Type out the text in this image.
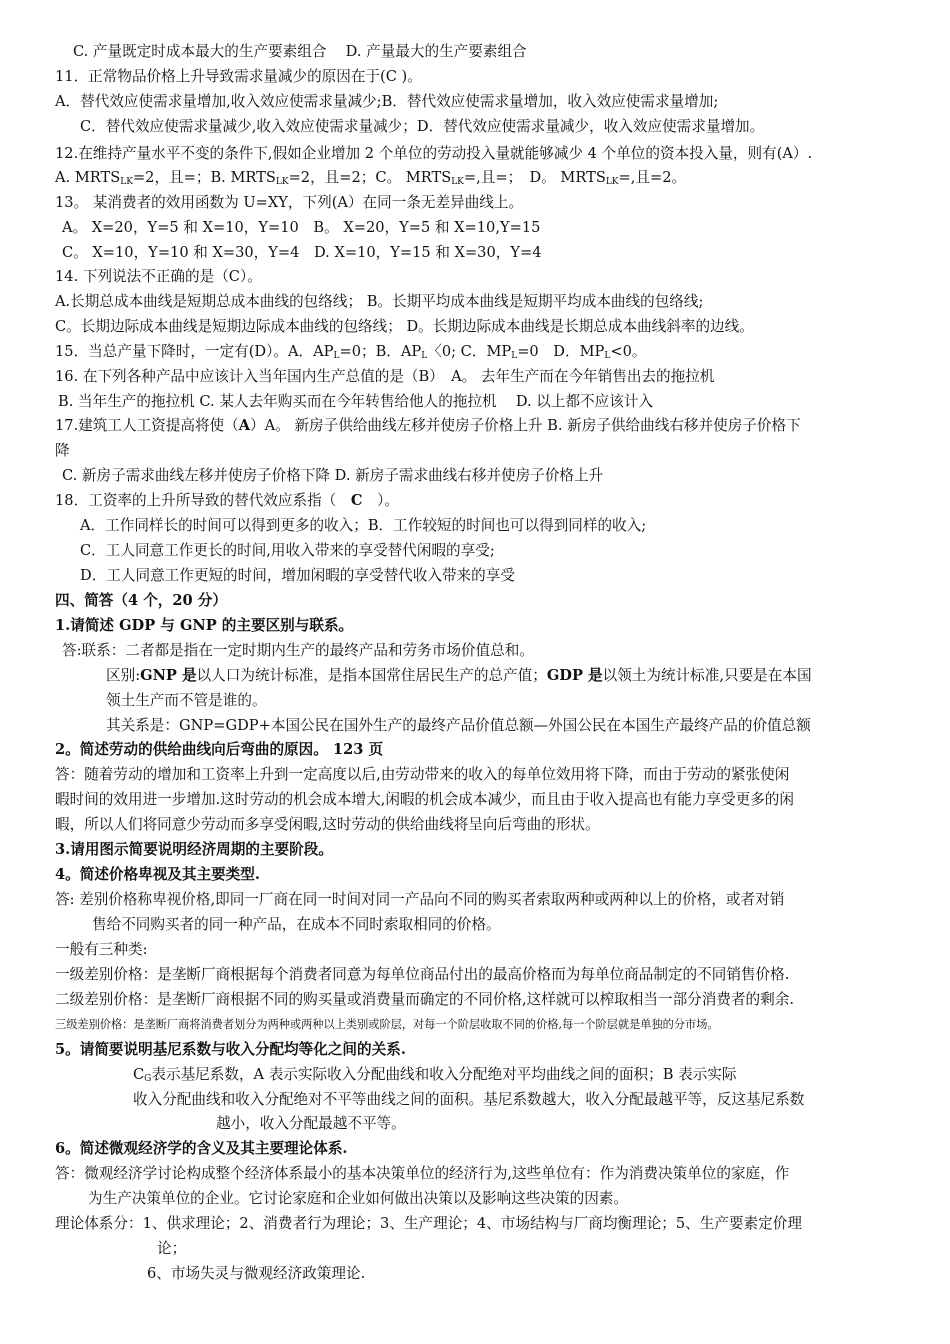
C. 产量既定时成本最大的生产要素组合　 D. 产量最大的生产要素组合
11．正常物品价格上升导致需求量减少的原因在于(C )。
A．替代效应使需求量增加,收入效应使需求量减少;B．替代效应使需求量增加，收入效应使需求量增加;
C．替代效应使需求量减少,收入效应使需求量减少；D．替代效应使需求量减少，收入效应使需求量增加。
12.在维持产量水平不变的条件下,假如企业增加 2 个单位的劳动投入量就能够减少 4 个单位的资本投入量，则有(A）.
A. $MRTS_{LK}=2$，且=；B. $MRTS_{LK}=2$，且=2；C。 $MRTS_{LK}=$,且=；　D。 $MRTS_{LK}=$,且=2。
13。 某消费者的效用函数为 U=XY，下列(A）在同一条无差异曲线上。
A。 X=20，Y=5 和 X=10，Y=10　B。 X=20，Y=5 和 X=10,Y=15
C。 X=10，Y=10 和 X=30，Y=4　D. X=10，Y=15 和 X=30，Y=4
14. 下列说法不正确的是（C）。
A.长期总成本曲线是短期总成本曲线的包络线； B。长期平均成本曲线是短期平均成本曲线的包络线;
C。长期边际成本曲线是短期边际成本曲线的包络线； D。长期边际成本曲线是长期总成本曲线斜率的边线。
15．当总产量下降时，一定有(D）。A．$AP_L=0$；B．$AP_L$〈0; C．$MP_L=0$　D．$MP_L<0$。
16. 在下列各种产品中应该计入当年国内生产总值的是（B）　A。 去年生产而在今年销售出去的拖拉机
B. 当年生产的拖拉机 C. 某人去年购买而在今年转售给他人的拖拉机　 D. 以上都不应该计入
17.建筑工人工资提高将使（A）A。 新房子供给曲线左移并使房子价格上升 B. 新房子供给曲线右移并使房子价格下
降
C. 新房子需求曲线左移并使房子价格下降 D. 新房子需求曲线右移并使房子价格上升
18．工资率的上升所导致的替代效应系指（　C　）。
A．工作同样长的时间可以得到更多的收入；B．工作较短的时间也可以得到同样的收入;
C．工人同意工作更长的时间,用收入带来的享受替代闲暇的享受;
D．工人同意工作更短的时间，增加闲暇的享受替代收入带来的享受
四、简答（4 个，20 分）
1.请简述 GDP 与 GNP 的主要区别与联系。
答:联系：二者都是指在一定时期内生产的最终产品和劳务市场价值总和。
区别:GNP 是以人口为统计标准，是指本国常住居民生产的总产值；GDP 是以领土为统计标准,只要是在本国
领土生产而不管是谁的。
其关系是：GNP=GDP+本国公民在国外生产的最终产品价值总额—外国公民在本国生产最终产品的价值总额
2。简述劳动的供给曲线向后弯曲的原因。 123 页
答：随着劳动的增加和工资率上升到一定高度以后,由劳动带来的收入的每单位效用将下降，而由于劳动的紧张使闲
暇时间的效用进一步增加.这时劳动的机会成本增大,闲暇的机会成本减少，而且由于收入提高也有能力享受更多的闲
暇，所以人们将同意少劳动而多享受闲暇,这时劳动的供给曲线将呈向后弯曲的形状。
3.请用图示简要说明经济周期的主要阶段。
4。简述价格卑视及其主要类型.
答: 差别价格称卑视价格,即同一厂商在同一时间对同一产品向不同的购买者索取两种或两种以上的价格，或者对销
售给不同购买者的同一种产品，在成本不同时索取相同的价格。
一般有三种类:
一级差别价格：是垄断厂商根据每个消费者同意为每单位商品付出的最高价格而为每单位商品制定的不同销售价格.
二级差别价格：是垄断厂商根据不同的购买量或消费量而确定的不同价格,这样就可以榨取相当一部分消费者的剩余.
三级差别价格：是垄断厂商将消费者划分为两种或两种以上类别或阶层，对每一个阶层收取不同的价格,每一个阶层就是单独的分市场。
5。请简要说明基尼系数与收入分配均等化之间的关系.
$C_G$表示基尼系数，A 表示实际收入分配曲线和收入分配绝对平均曲线之间的面积；B 表示实际
收入分配曲线和收入分配绝对不平等曲线之间的面积。基尼系数越大，收入分配最越平等，反这基尼系数
越小，收入分配最越不平等。
6。简述微观经济学的含义及其主要理论体系.
答：微观经济学讨论构成整个经济体系最小的基本决策单位的经济行为,这些单位有：作为消费决策单位的家庭，作
为生产决策单位的企业。它讨论家庭和企业如何做出决策以及影响这些决策的因素。
理论体系分：1、供求理论；2、消费者行为理论；3、生产理论；4、市场结构与厂商均衡理论；5、生产要素定价理
论；
6、市场失灵与微观经济政策理论.
